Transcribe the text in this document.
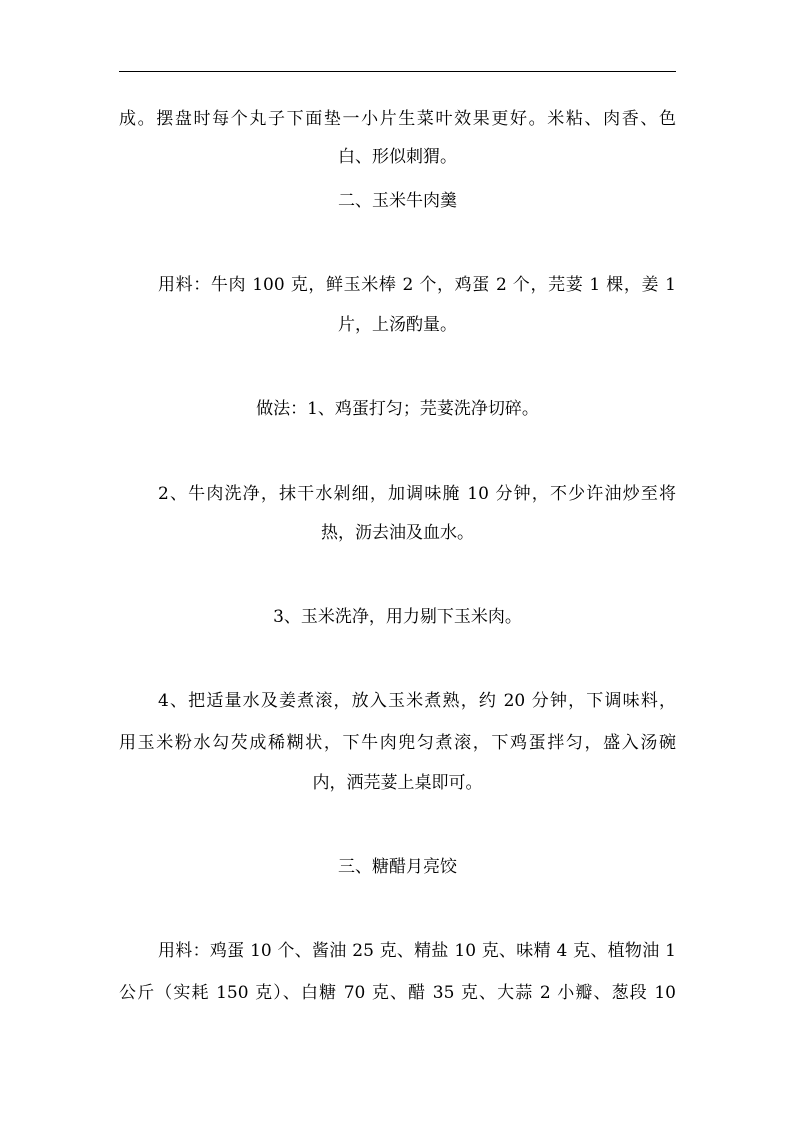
成。摆盘时每个丸子下面垫一小片生菜叶效果更好。米粘、肉香、色
白、形似刺猬。
二、玉米牛肉羹
用料：牛肉 100 克，鲜玉米棒 2 个，鸡蛋 2 个，芫荽 1 棵，姜 1
片，上汤酌量。
做法：1、鸡蛋打匀；芫荽洗净切碎。
2、牛肉洗净，抹干水剁细，加调味腌 10 分钟，不少许油炒至将
热，沥去油及血水。
3、玉米洗净，用力剔下玉米肉。
4、把适量水及姜煮滚，放入玉米煮熟，约 20 分钟，下调味料，
用玉米粉水勾芡成稀糊状，下牛肉兜匀煮滚，下鸡蛋拌匀，盛入汤碗
内，洒芫荽上桌即可。
三、糖醋月亮饺
用料：鸡蛋 10 个、酱油 25 克、精盐 10 克、味精 4 克、植物油 1
公斤（实耗 150 克）、白糖 70 克、醋 35 克、大蒜 2 小瓣、葱段 10
